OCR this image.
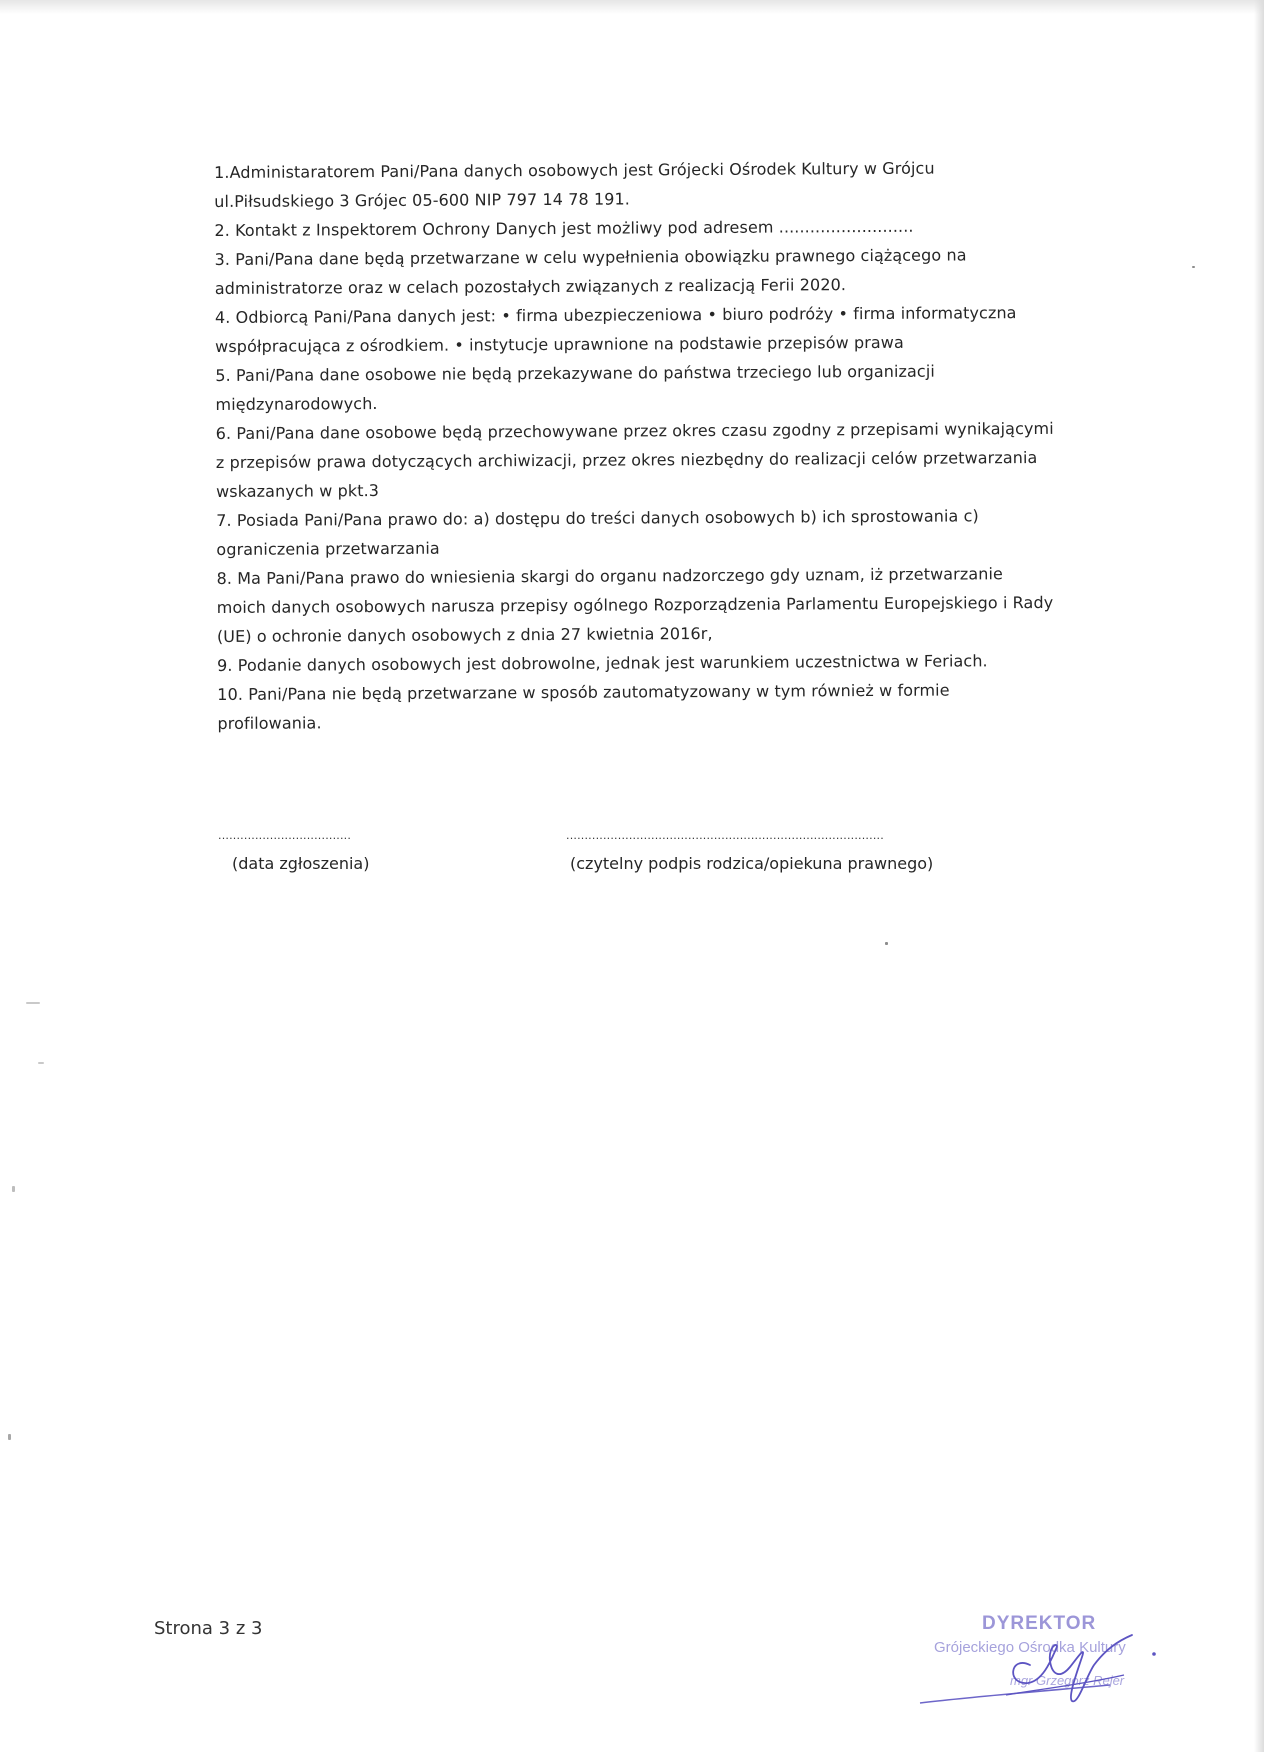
1.Administaratorem Pani/Pana danych osobowych jest Grójecki Ośrodek Kultury w Grójcu

ul.Piłsudskiego 3 Grójec 05-600 NIP 797 14 78 191.

2. Kontakt z Inspektorem Ochrony Danych jest możliwy pod adresem ..........................

3. Pani/Pana dane będą przetwarzane w celu wypełnienia obowiązku prawnego ciążącego na

administratorze oraz w celach pozostałych związanych z realizacją Ferii 2020.

4. Odbiorcą Pani/Pana danych jest: • firma ubezpieczeniowa • biuro podróży • firma informatyczna

współpracująca z ośrodkiem. • instytucje uprawnione na podstawie przepisów prawa

5. Pani/Pana dane osobowe nie będą przekazywane do państwa trzeciego lub organizacji

międzynarodowych.

6. Pani/Pana dane osobowe będą przechowywane przez okres czasu zgodny z przepisami wynikającymi

z przepisów prawa dotyczących archiwizacji, przez okres niezbędny do realizacji celów przetwarzania

wskazanych w pkt.3

7. Posiada Pani/Pana prawo do: a) dostępu do treści danych osobowych b) ich sprostowania c)

ograniczenia przetwarzania

8. Ma Pani/Pana prawo do wniesienia skargi do organu nadzorczego gdy uznam, iż przetwarzanie

moich danych osobowych narusza przepisy ogólnego Rozporządzenia Parlamentu Europejskiego i Rady

(UE) o ochronie danych osobowych z dnia 27 kwietnia 2016r,

9. Podanie danych osobowych jest dobrowolne, jednak jest warunkiem uczestnictwa w Feriach.

10. Pani/Pana nie będą przetwarzane w sposób zautomatyzowany w tym również w formie

profilowania.

....................................
(data zgłoszenia)
......................................................................................
(czytelny podpis rodzica/opiekuna prawnego)
Strona 3 z 3	DYREKTOR
Grójeckiego Ośrodka Kultury
mgr Grzegorz Rejer
